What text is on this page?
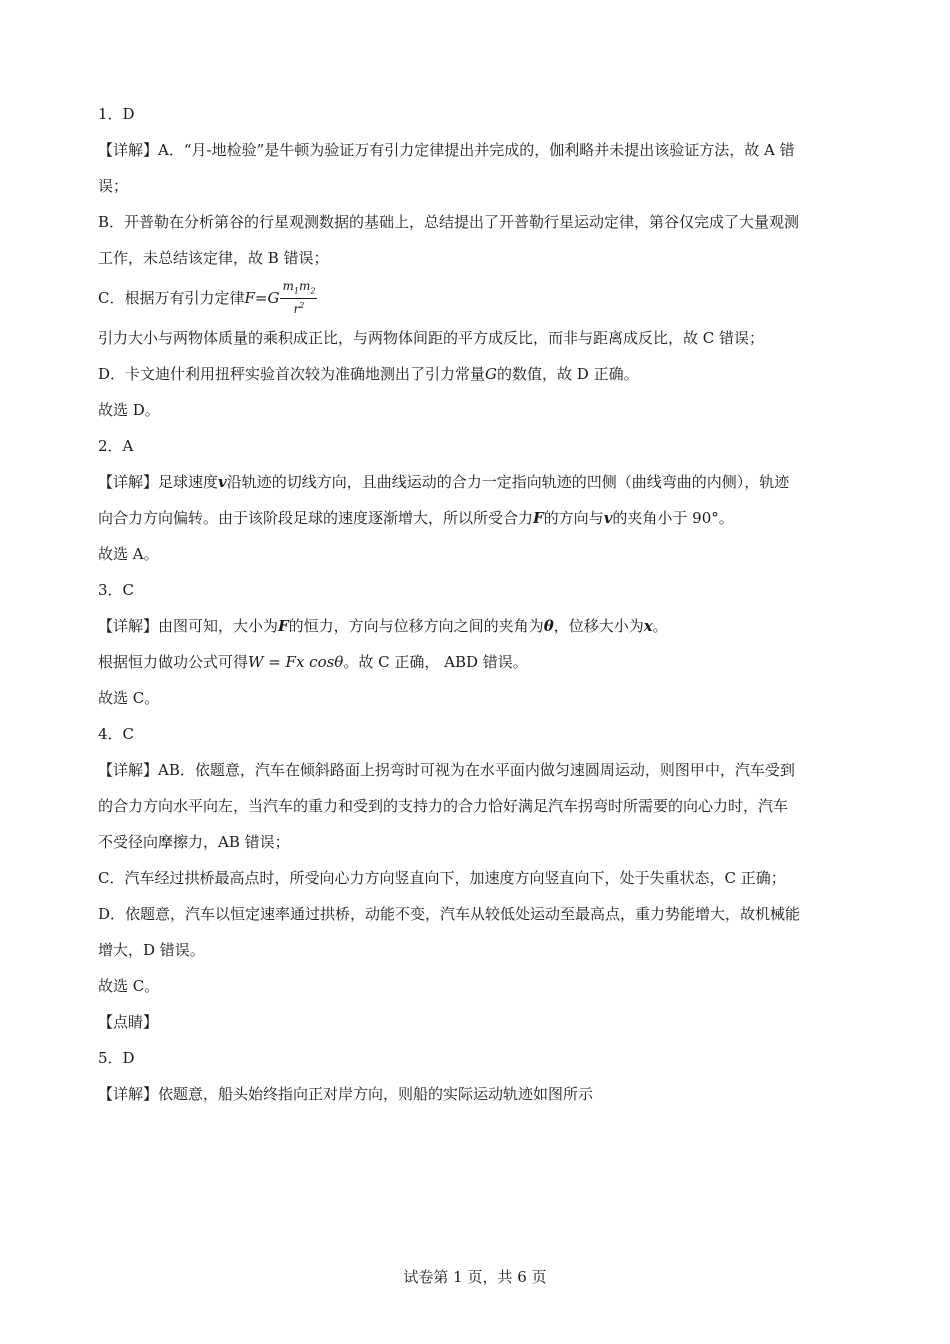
1．D

【详解】A．“月-地检验”是牛顿为验证万有引力定律提出并完成的，伽利略并未提出该验证方法，故 A 错

误；

B．开普勒在分析第谷的行星观测数据的基础上，总结提出了开普勒行星运动定律，第谷仅完成了大量观测

工作，未总结该定律，故 B 错误；

C．根据万有引力定律 F = G $\frac{m_1m_2}{r^2}$

引力大小与两物体质量的乘积成正比，与两物体间距的平方成反比，而非与距离成反比，故 C 错误；

D．卡文迪什利用扭秤实验首次较为准确地测出了引力常量G的数值，故 D 正确。

故选 D。

2．A

【详解】足球速度v沿轨迹的切线方向，且曲线运动的合力一定指向轨迹的凹侧（曲线弯曲的内侧），轨迹

向合力方向偏转。由于该阶段足球的速度逐渐增大，所以所受合力F的方向与v的夹角小于 90°。

故选 A。

3．C

【详解】由图可知，大小为F的恒力，方向与位移方向之间的夹角为θ，位移大小为x。

根据恒力做功公式可得W = Fx cosθ。故 C 正确， ABD 错误。

故选 C。

4．C

【详解】AB．依题意，汽车在倾斜路面上拐弯时可视为在水平面内做匀速圆周运动，则图甲中，汽车受到

的合力方向水平向左，当汽车的重力和受到的支持力的合力恰好满足汽车拐弯时所需要的向心力时，汽车

不受径向摩擦力，AB 错误；

C．汽车经过拱桥最高点时，所受向心力方向竖直向下，加速度方向竖直向下，处于失重状态，C 正确；

D．依题意，汽车以恒定速率通过拱桥，动能不变，汽车从较低处运动至最高点，重力势能增大，故机械能

增大，D 错误。

故选 C。

【点睛】

5．D

【详解】依题意，船头始终指向正对岸方向，则船的实际运动轨迹如图所示

试卷第 1 页，共 6 页
